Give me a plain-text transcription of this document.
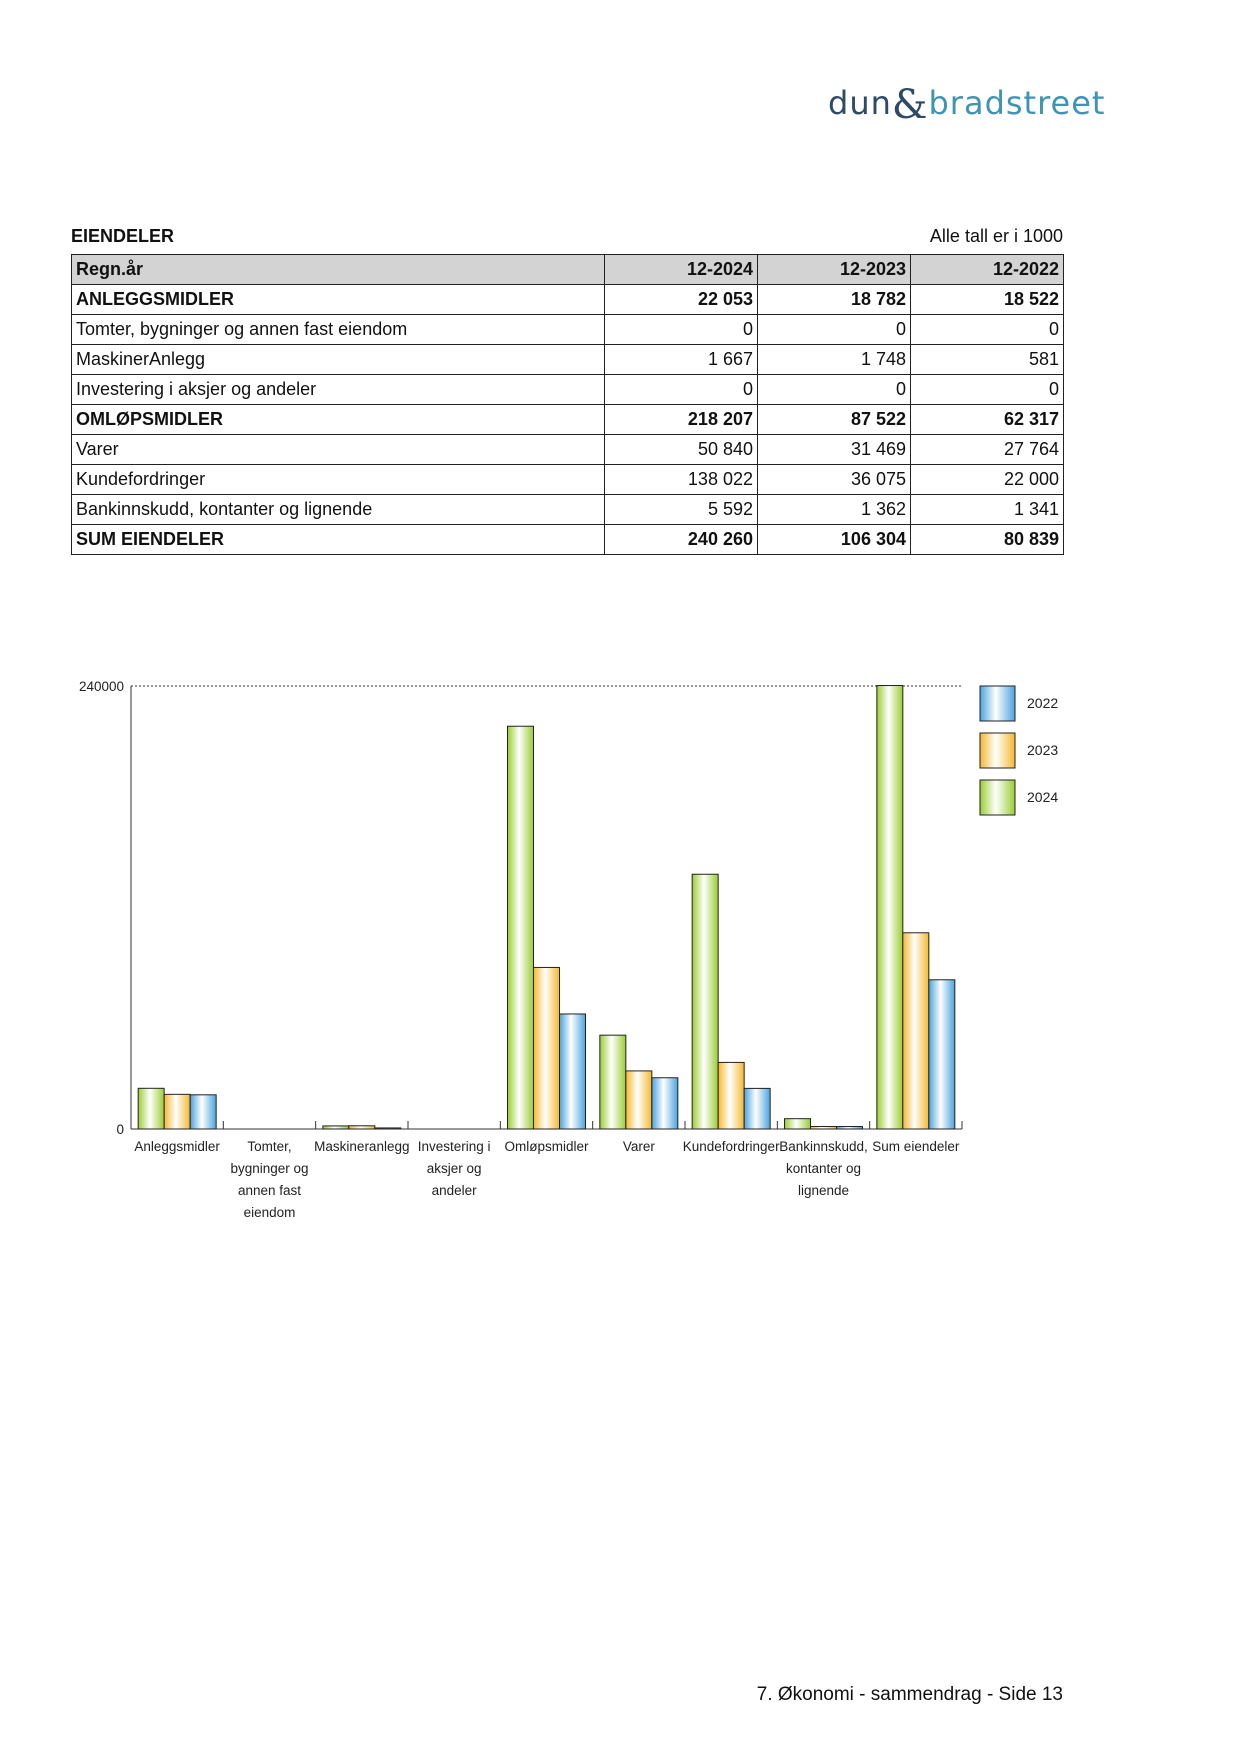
dun&bradstreet
EIENDELER	Alle tall er i 1000
Regn.år	12-2024	12-2023	12-2022
ANLEGGSMIDLER	22 053	18 782	18 522
Tomter, bygninger og annen fast eiendom	0	0	0
MaskinerAnlegg	1 667	1 748	581
Investering i aksjer og andeler	0	0	0
OMLØPSMIDLER	218 207	87 522	62 317
Varer	50 840	31 469	27 764
Kundefordringer	138 022	36 075	22 000
Bankinnskudd, kontanter og lignende	5 592	1 362	1 341
SUM EIENDELER	240 260	106 304	80 839
0
240000
Anleggsmidler Tomter,
bygninger og
annen fast
eiendom
Maskineranlegg Investering i
aksjer og
andeler
Omløpsmidler	Varer Kundefordringer Bankinnskudd,
kontanter og
lignende
Sum eiendeler
2022
2023
2024
7. Økonomi - sammendrag - Side 13
